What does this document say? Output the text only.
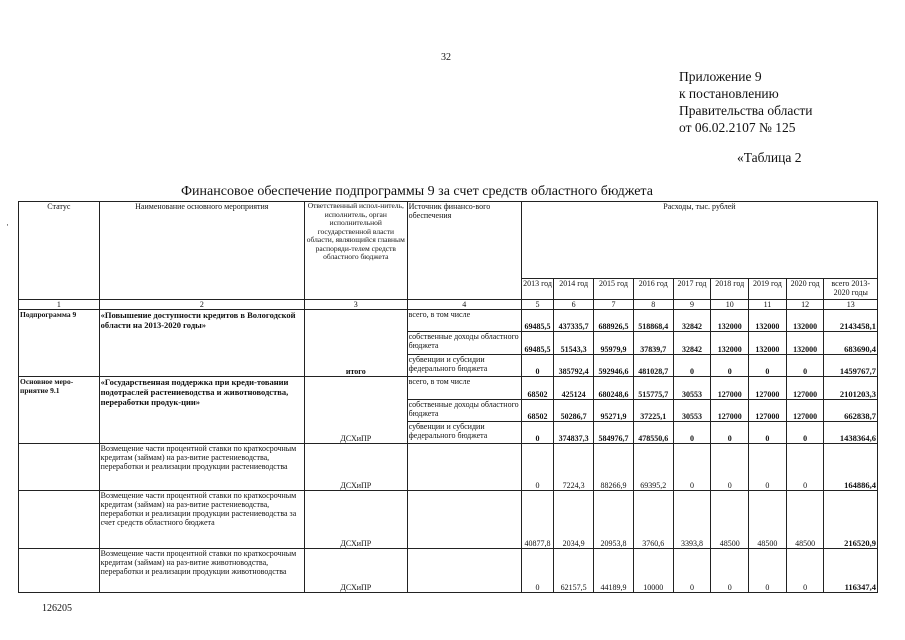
32
Приложение 9
к постановлению
Правительства области
от 06.02.2107 № 125
«Таблица 2
Финансовое обеспечение подпрограммы 9 за счет средств областного бюджета
·
Статус	Наименование основного мероприятия	Ответственный испол-нитель, исполнитель, орган исполнительной государственной власти области, являющийся главным распоряди-телем средств областного бюджета	Источник финансо-вого обеспечения	Расходы, тыс. рублей								
				2013 год	2014 год	2015 год	2016 год	2017 год	2018 год	2019 год	2020 год	всего 2013-2020 годы
1	2	3	4	5	6	7	8	9	10	11	12	13
Подпрограмма 9	«Повышение доступности кредитов в Вологодской области на 2013-2020 годы»	итого	всего, в том числе	69485,5	437335,7	688926,5	518868,4	32842	132000	132000	132000	2143458,1
			собственные доходы областного бюджета	69485,5	51543,3	95979,9	37839,7	32842	132000	132000	132000	683690,4
			субвенции и субсидии федерального бюджета	0	385792,4	592946,6	481028,7	0	0	0	0	1459767,7
Основное меро-приятие 9.1	«Государственная поддержка при креди-товании подотраслей растениеводства и животноводства, переработки продук-ции»	ДСХиПР	всего, в том числе	68502	425124	680248,6	515775,7	30553	127000	127000	127000	2101203,3
			собственные доходы областного бюджета	68502	50286,7	95271,9	37225,1	30553	127000	127000	127000	662838,7
			субвенции и субсидии федерального бюджета	0	374837,3	584976,7	478550,6	0	0	0	0	1438364,6
	Возмещение части процентной ставки по краткосрочным кредитам (займам) на раз-витие растениеводства, переработки и реализации продукции растениеводства	ДСХиПР		0	7224,3	88266,9	69395,2	0	0	0	0	164886,4
	Возмещение части процентной ставки по краткосрочным кредитам (займам) на раз-витие растениеводства, переработки и реализации продукции растениеводства за счет средств областного бюджета	ДСХиПР		40877,8	2034,9	20953,8	3760,6	3393,8	48500	48500	48500	216520,9
	Возмещение части процентной ставки по краткосрочным кредитам (займам) на раз-витие животноводства, переработки и реализации продукции животноводства	ДСХиПР		0	62157,5	44189,9	10000	0	0	0	0	116347,4
126205
